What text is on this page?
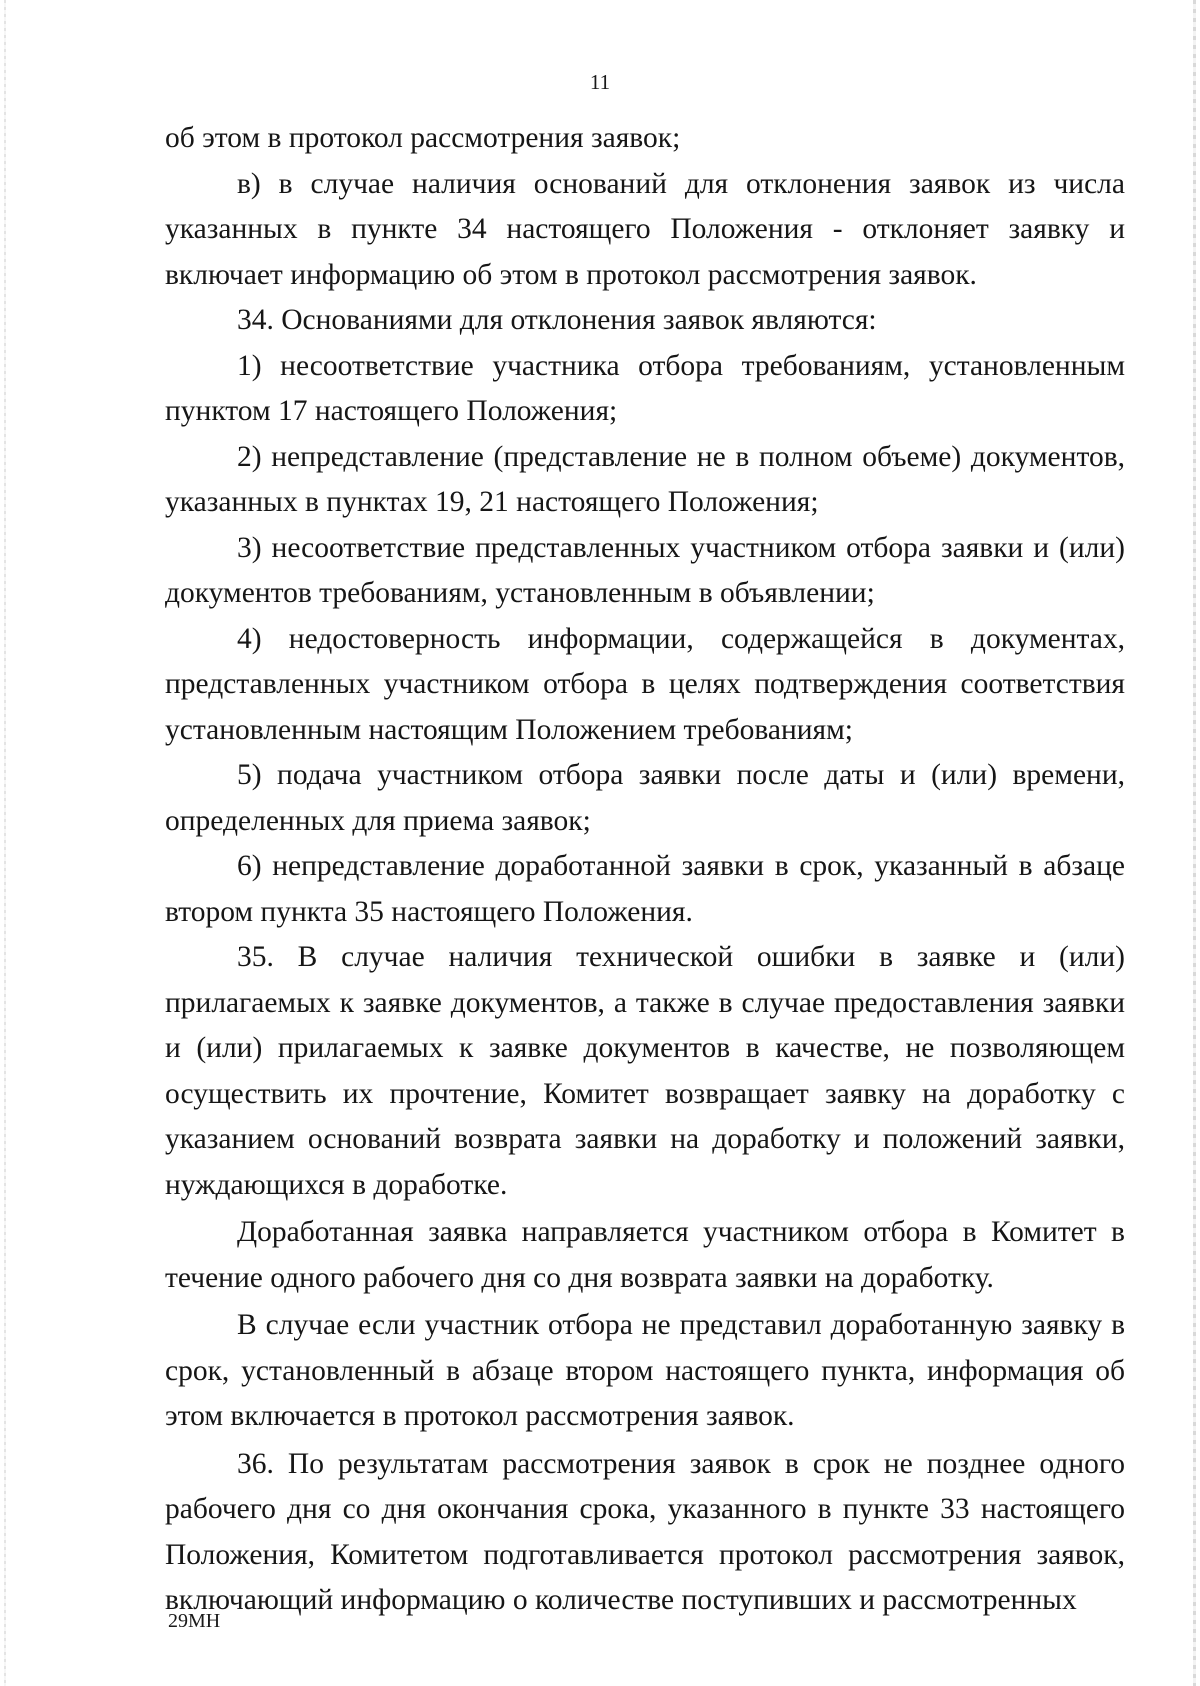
11

об этом в протокол рассмотрения заявок;

в) в случае наличия оснований для отклонения заявок из числа указанных в пункте 34 настоящего Положения - отклоняет заявку и включает информацию об этом в протокол рассмотрения заявок.

34. Основаниями для отклонения заявок являются:

1) несоответствие участника отбора требованиям, установленным пунктом 17 настоящего Положения;

2) непредставление (представление не в полном объеме) документов, указанных в пунктах 19, 21 настоящего Положения;

3) несоответствие представленных участником отбора заявки и (или) документов требованиям, установленным в объявлении;

4) недостоверность информации, содержащейся в документах, представленных участником отбора в целях подтверждения соответствия установленным настоящим Положением требованиям;

5) подача участником отбора заявки после даты и (или) времени, определенных для приема заявок;

6) непредставление доработанной заявки в срок, указанный в абзаце втором пункта 35 настоящего Положения.

35. В случае наличия технической ошибки в заявке и (или) прилагаемых к заявке документов, а также в случае предоставления заявки и (или) прилагаемых к заявке документов в качестве, не позволяющем осуществить их прочтение, Комитет возвращает заявку на доработку с указанием оснований возврата заявки на доработку и положений заявки, нуждающихся в доработке.

Доработанная заявка направляется участником отбора в Комитет в течение одного рабочего дня со дня возврата заявки на доработку.

В случае если участник отбора не представил доработанную заявку в срок, установленный в абзаце втором настоящего пункта, информация об этом включается в протокол рассмотрения заявок.

36. По результатам рассмотрения заявок в срок не позднее одного рабочего дня со дня окончания срока, указанного в пункте 33 настоящего Положения, Комитетом подготавливается протокол рассмотрения заявок, включающий информацию о количестве поступивших и рассмотренных

29МН
